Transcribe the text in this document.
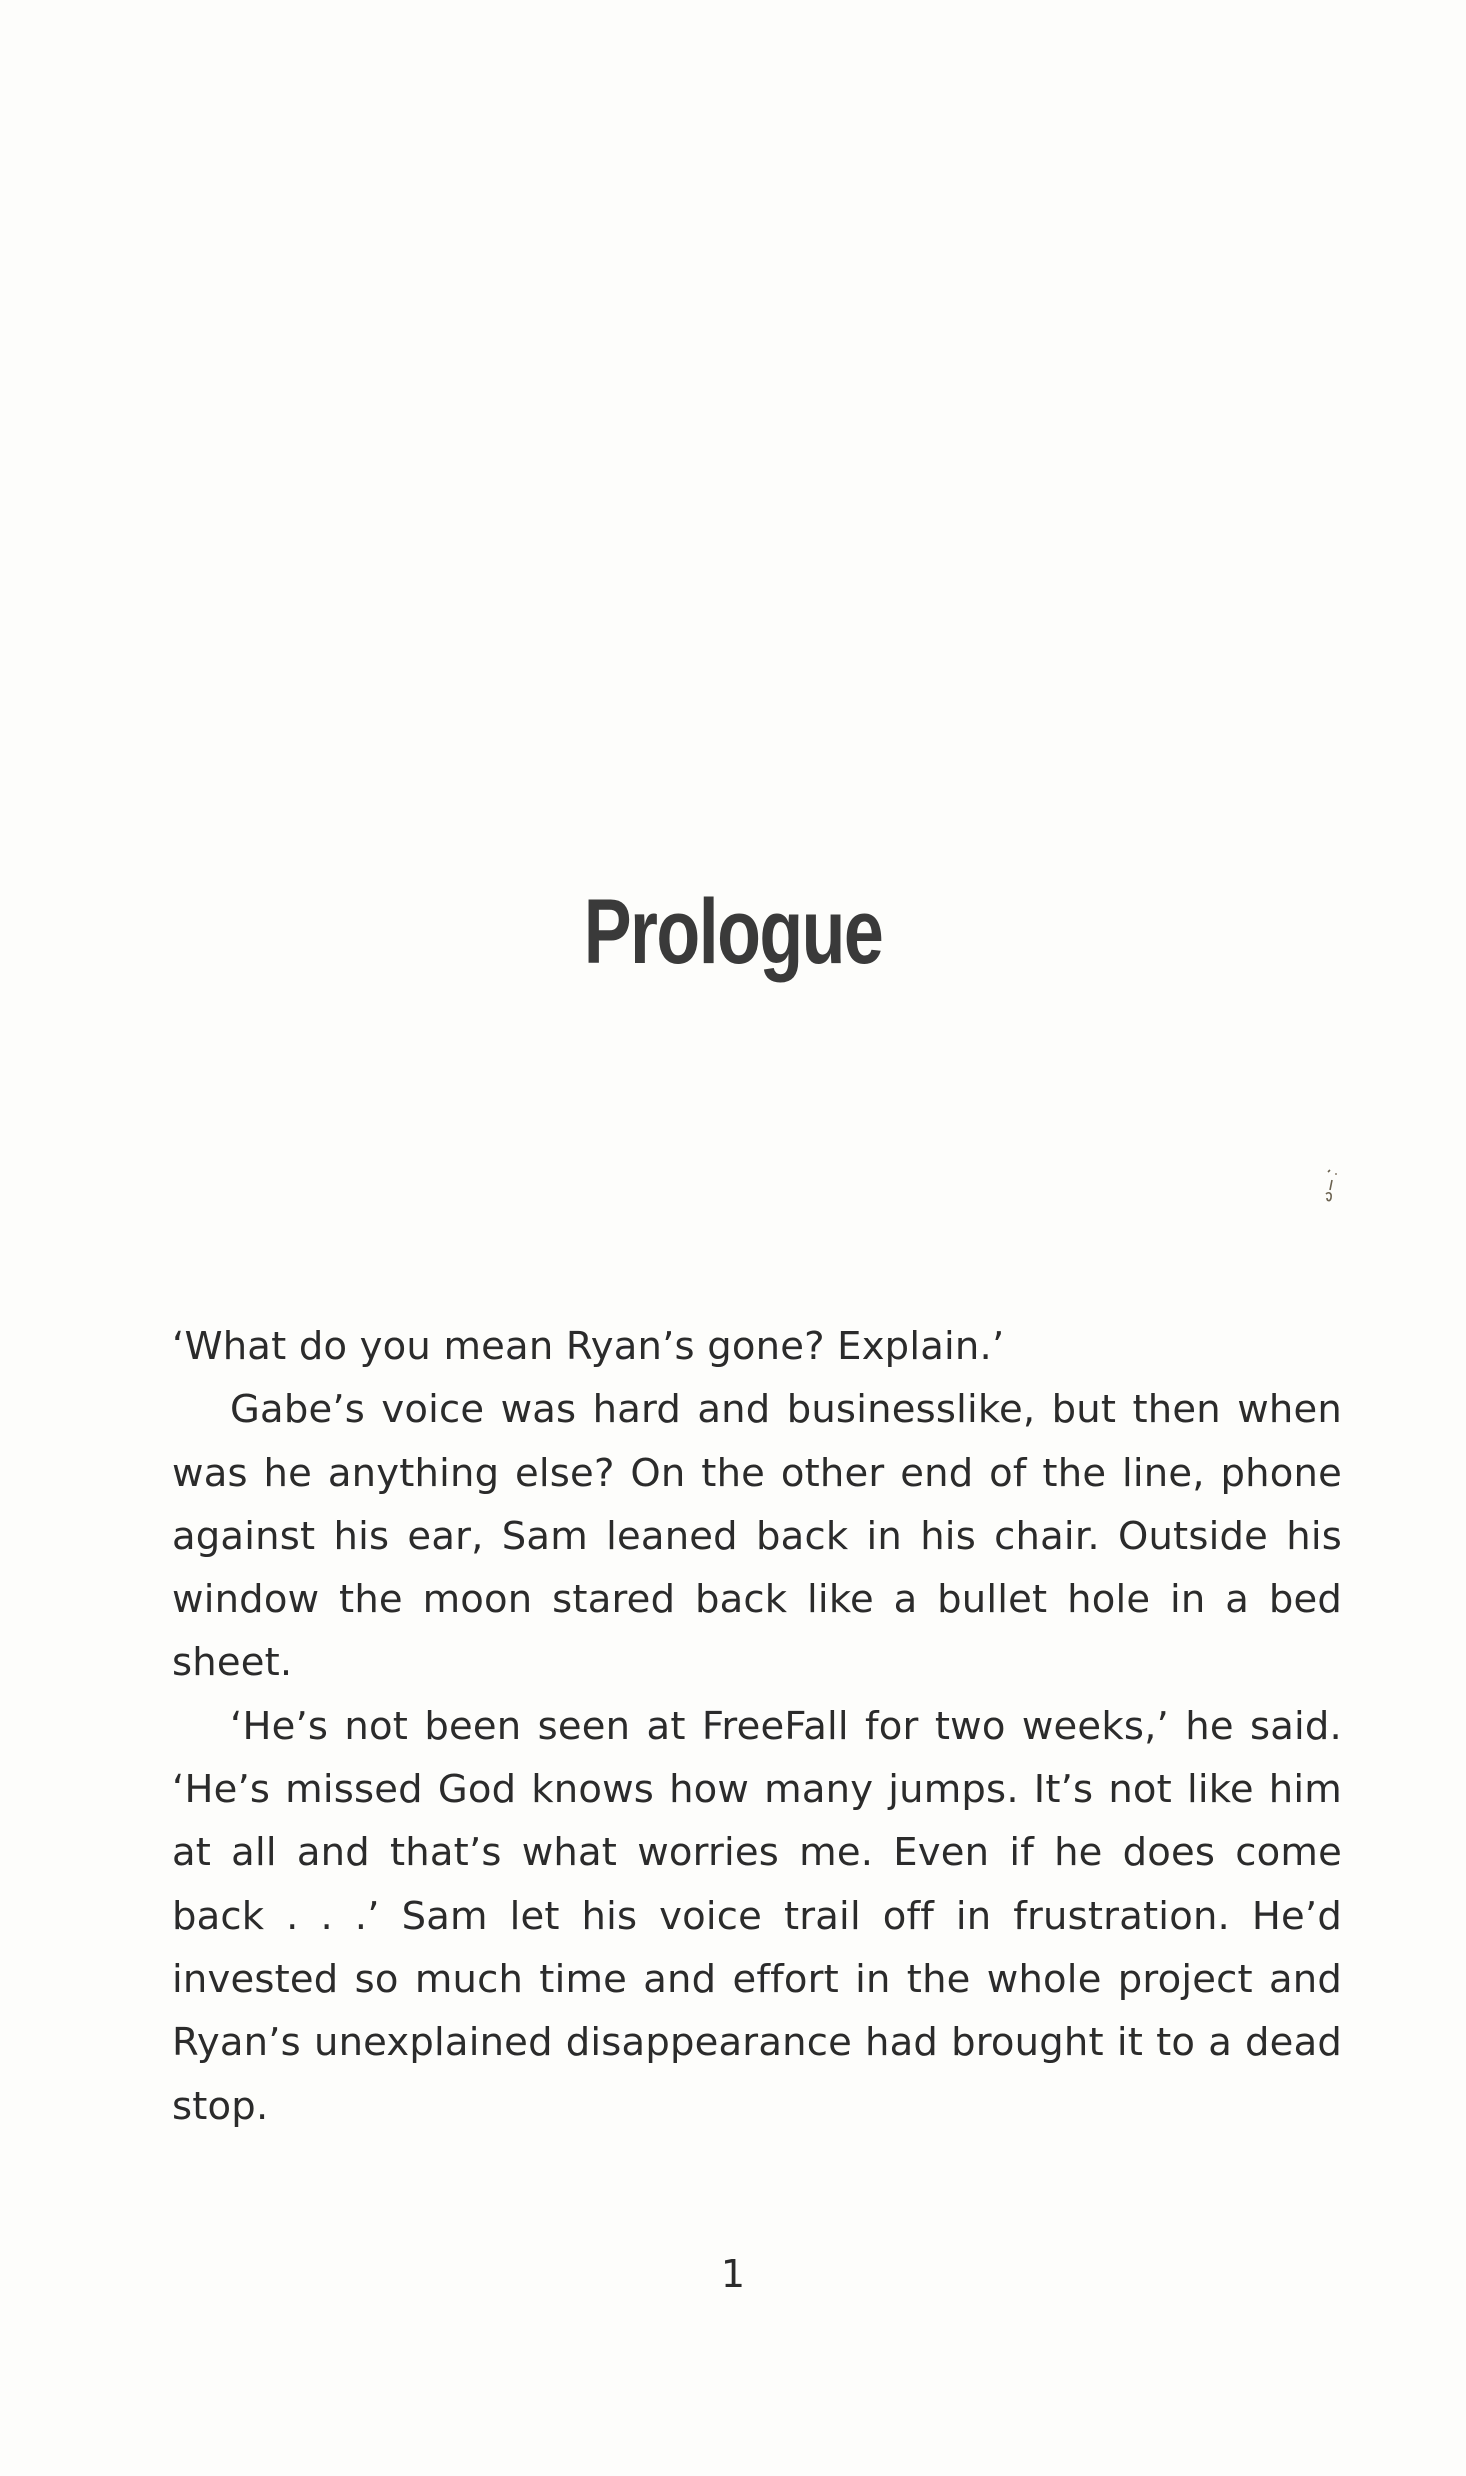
Prologue

‘What do you mean Ryan’s gone? Explain.’

Gabe’s voice was hard and businesslike, but then when was he anything else? On the other end of the line, phone against his ear, Sam leaned back in his chair. Outside his window the moon stared back like a bullet hole in a bed sheet.

‘He’s not been seen at FreeFall for two weeks,’ he said. ‘He’s missed God knows how many jumps. It’s not like him at all and that’s what worries me. Even if he does come back . . .’ Sam let his voice trail off in frustration. He’d invested so much time and effort in the whole project and Ryan’s unexplained disappearance had brought it to a dead stop.

1
